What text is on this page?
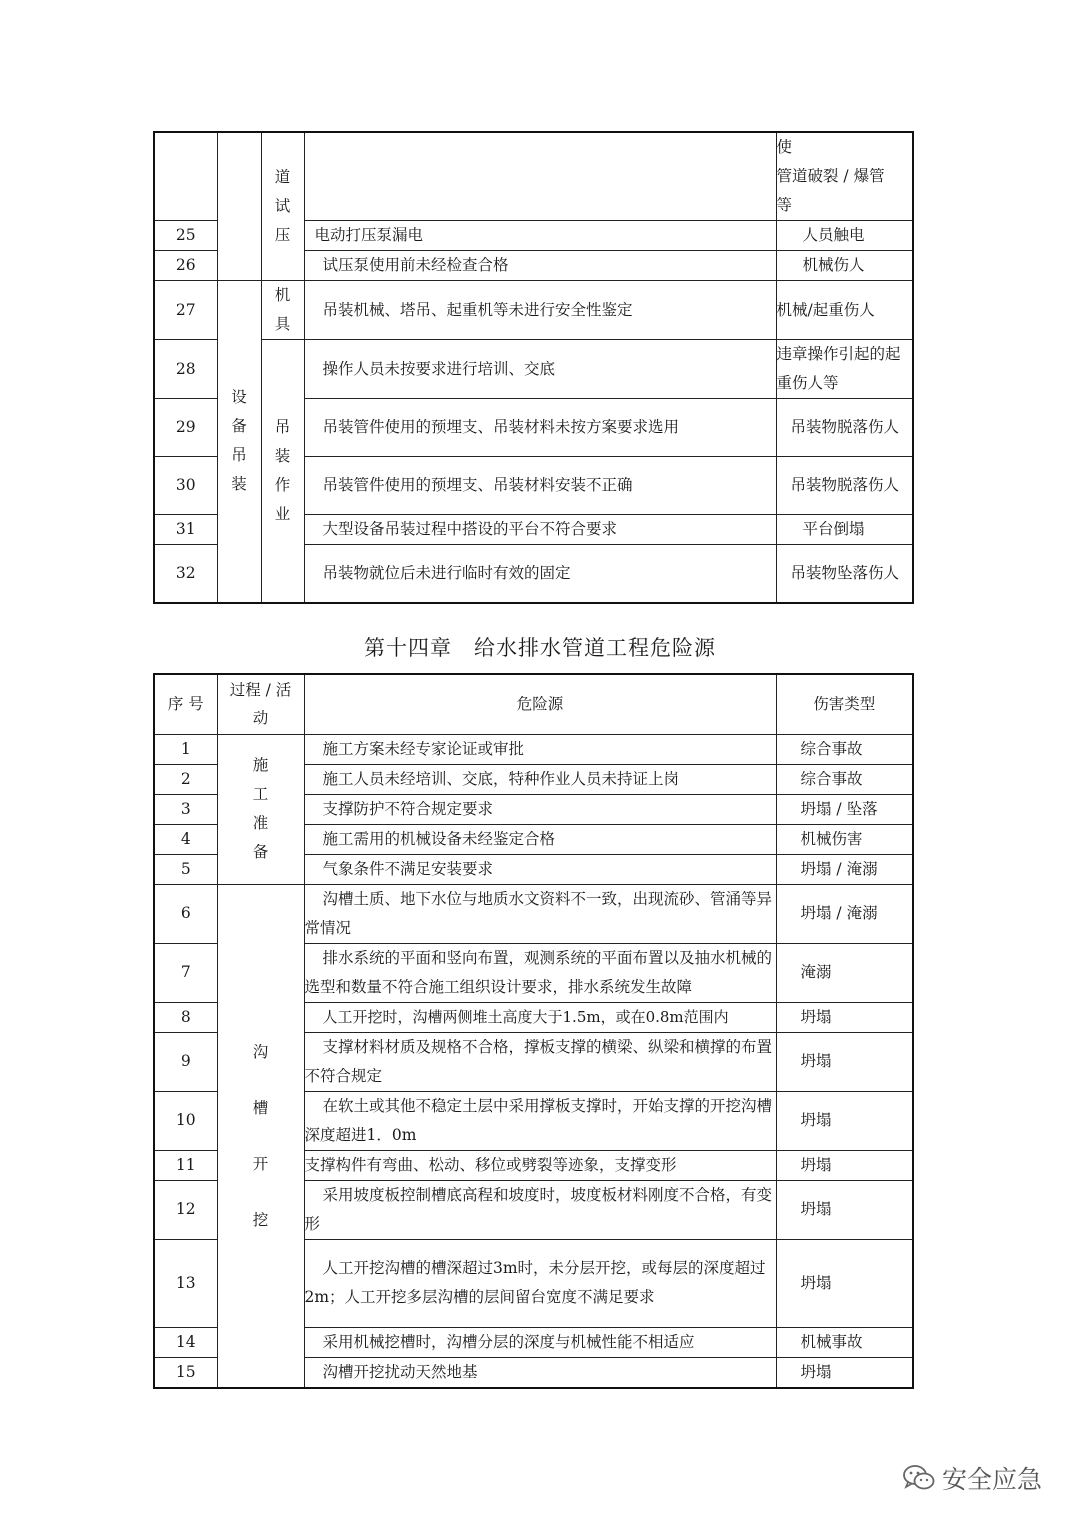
		道试压		使
管道破裂 / 爆管
等
25			电动打压泵漏电	人员触电
26			试压泵使用前未经检查合格	机械伤人
27	设备吊装	机具	吊装机械、塔吊、起重机等未进行安全性鉴定	机械/起重伤人
28		吊装作业	操作人员未按要求进行培训、交底	违章操作引起的起重伤人等
29			吊装管件使用的预埋支、吊装材料未按方案要求选用	吊装物脱落伤人
30			吊装管件使用的预埋支、吊装材料安装不正确	吊装物脱落伤人
31			大型设备吊装过程中搭设的平台不符合要求	平台倒塌
32			吊装物就位后未进行临时有效的固定	吊装物坠落伤人
第十四章　给水排水管道工程危险源
序 号	过程 / 活动	危险源	伤害类型
1	施工准备	施工方案未经专家论证或审批	综合事故
2		施工人员未经培训、交底，特种作业人员未持证上岗	综合事故
3		支撑防护不符合规定要求	坍塌 / 坠落
4		施工需用的机械设备未经鉴定合格	机械伤害
5		气象条件不满足安装要求	坍塌 / 淹溺
6	沟槽开挖	沟槽土质、地下水位与地质水文资料不一致，出现流砂、管涌等异常情况	坍塌 / 淹溺
7		排水系统的平面和竖向布置，观测系统的平面布置以及抽水机械的选型和数量不符合施工组织设计要求，排水系统发生故障	淹溺
8		人工开挖时，沟槽两侧堆土高度大于1.5m，或在0.8m范围内	坍塌
9		支撑材料材质及规格不合格，撑板支撑的横梁、纵梁和横撑的布置不符合规定	坍塌
10		在软土或其他不稳定土层中采用撑板支撑时，开始支撑的开挖沟槽深度超进1．0m	坍塌
11		支撑构件有弯曲、松动、移位或劈裂等迹象，支撑变形	坍塌
12		采用坡度板控制槽底高程和坡度时，坡度板材料刚度不合格，有变形	坍塌
13		人工开挖沟槽的槽深超过3m时，未分层开挖，或每层的深度超过
2m；人工开挖多层沟槽的层间留台宽度不满足要求	坍塌
14		采用机械挖槽时，沟槽分层的深度与机械性能不相适应	机械事故
15		沟槽开挖扰动天然地基	坍塌
安全应急
